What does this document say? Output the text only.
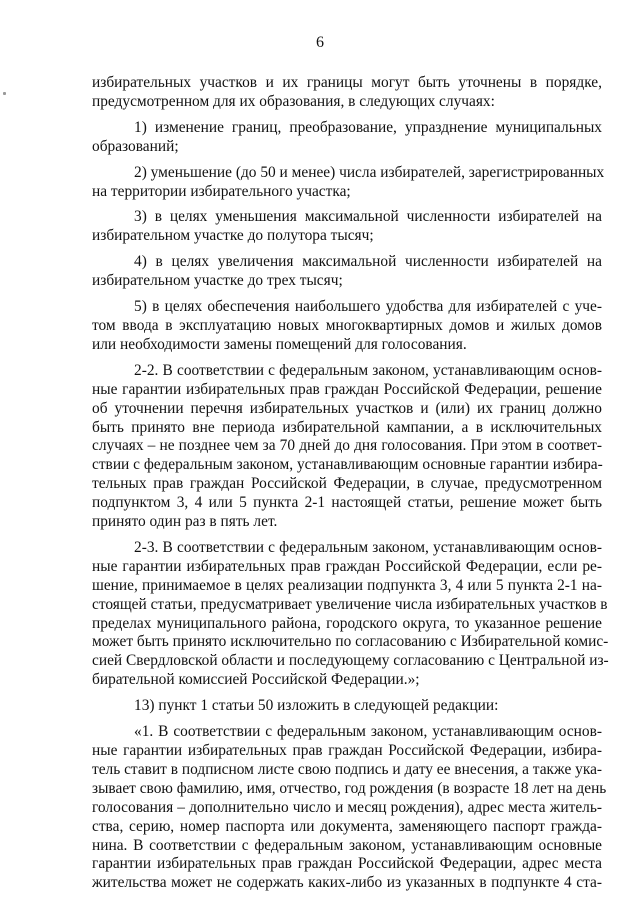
6
избирательных участков и их границы могут быть уточнены в порядке,
предусмотренном для их образования, в следующих случаях:
1) изменение границ, преобразование, упразднение муниципальных
образований;
2) уменьшение (до 50 и менее) числа избирателей, зарегистрированных
на территории избирательного участка;
3) в целях уменьшения максимальной численности избирателей на
избирательном участке до полутора тысяч;
4) в целях увеличения максимальной численности избирателей на
избирательном участке до трех тысяч;
5) в целях обеспечения наибольшего удобства для избирателей с уче-
том ввода в эксплуатацию новых многоквартирных домов и жилых домов
или необходимости замены помещений для голосования.
2-2. В соответствии с федеральным законом, устанавливающим основ-
ные гарантии избирательных прав граждан Российской Федерации, решение
об уточнении перечня избирательных участков и (или) их границ должно
быть принято вне периода избирательной кампании, а в исключительных
случаях – не позднее чем за 70 дней до дня голосования. При этом в соответ-
ствии с федеральным законом, устанавливающим основные гарантии избира-
тельных прав граждан Российской Федерации, в случае, предусмотренном
подпунктом 3, 4 или 5 пункта 2-1 настоящей статьи, решение может быть
принято один раз в пять лет.
2-3. В соответствии с федеральным законом, устанавливающим основ-
ные гарантии избирательных прав граждан Российской Федерации, если ре-
шение, принимаемое в целях реализации подпункта 3, 4 или 5 пункта 2-1 на-
стоящей статьи, предусматривает увеличение числа избирательных участков в
пределах муниципального района, городского округа, то указанное решение
может быть принято исключительно по согласованию с Избирательной комис-
сией Свердловской области и последующему согласованию с Центральной из-
бирательной комиссией Российской Федерации.»;
13) пункт 1 статьи 50 изложить в следующей редакции:
«1. В соответствии с федеральным законом, устанавливающим основ-
ные гарантии избирательных прав граждан Российской Федерации, избира-
тель ставит в подписном листе свою подпись и дату ее внесения, а также ука-
зывает свою фамилию, имя, отчество, год рождения (в возрасте 18 лет на день
голосования – дополнительно число и месяц рождения), адрес места житель-
ства, серию, номер паспорта или документа, заменяющего паспорт гражда-
нина. В соответствии с федеральным законом, устанавливающим основные
гарантии избирательных прав граждан Российской Федерации, адрес места
жительства может не содержать каких-либо из указанных в подпункте 4 ста-
